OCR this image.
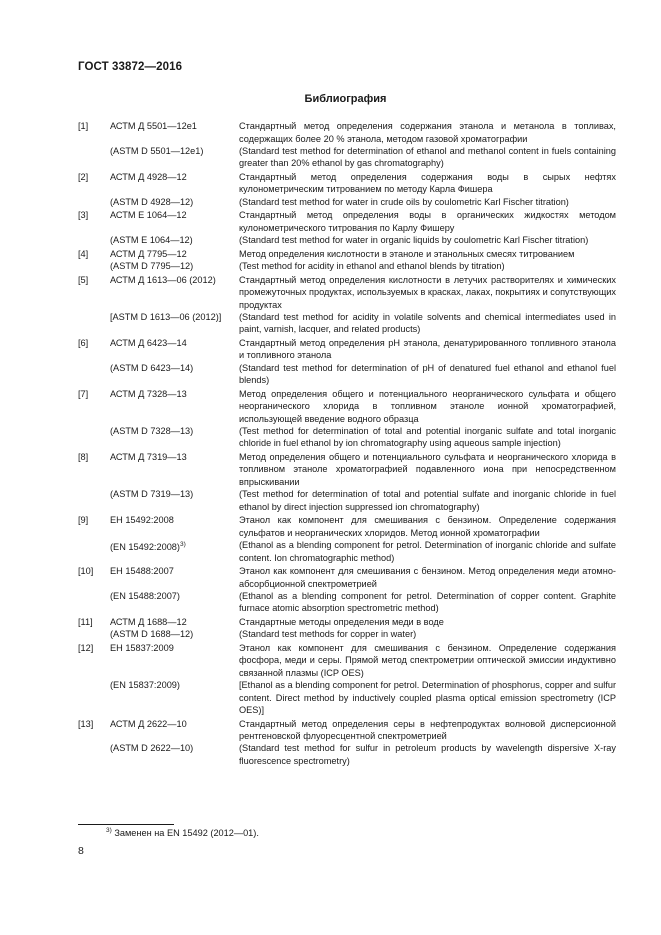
ГОСТ 33872—2016
Библиография
[1]	АСТМ Д 5501—12e1	Стандартный метод определения содержания этанола и метанола в топливах, содержащих более 20 % этанола, методом газовой хроматографии
(ASTM D 5501—12e1)	(Standard test method for determination of ethanol and methanol content in fuels containing greater than 20% ethanol by gas chromatography)
[2]	АСТМ Д 4928—12	Стандартный метод определения содержания воды в сырых нефтях кулонометрическим титрованием по методу Карла Фишера
(ASTM D 4928—12)	(Standard test method for water in crude oils by coulometric Karl Fischer titration)
[3]	АСТМ Е 1064—12	Стандартный метод определения воды в органических жидкостях методом кулонометрического титрования по Карлу Фишеру
(ASTM E 1064—12)	(Standard test method for water in organic liquids by coulometric Karl Fischer titration)
[4]	АСТМ Д 7795—12	Метод определения кислотности в этаноле и этанольных смесях титрованием
(ASTM D 7795—12)	(Test method for acidity in ethanol and ethanol blends by titration)
[5]	АСТМ Д 1613—06 (2012)	Стандартный метод определения кислотности в летучих растворителях и химических промежуточных продуктах, используемых в красках, лаках, покрытиях и сопутствующих продуктах
[ASTM D 1613—06 (2012)]	(Standard test method for acidity in volatile solvents and chemical intermediates used in paint, varnish, lacquer, and related products)
[6]	АСТМ Д 6423—14	Стандартный метод определения pH этанола, денатурированного топливного этанола и топливного этанола
(ASTM D 6423—14)	(Standard test method for determination of pH of denatured fuel ethanol and ethanol fuel blends)
[7]	АСТМ Д 7328—13	Метод определения общего и потенциального неорганического сульфата и общего неорганического хлорида в топливном этаноле ионной хроматографией, использующей введение водного образца
(ASTM D 7328—13)	(Test method for determination of total and potential inorganic sulfate and total inorganic chloride in fuel ethanol by ion chromatography using aqueous sample injection)
[8]	АСТМ Д 7319—13	Метод определения общего и потенциального сульфата и неорганического хлорида в топливном этаноле хроматографией подавленного иона при непосредственном впрыскивании
(ASTM D 7319—13)	(Test method for determination of total and potential sulfate and inorganic chloride in fuel ethanol by direct injection suppressed ion chromatography)
[9]	ЕН 15492:2008	Этанол как компонент для смешивания с бензином. Определение содержания сульфатов и неорганических хлоридов. Метод ионной хроматографии
(EN 15492:2008)$^{3)}$	(Ethanol as a blending component for petrol. Determination of inorganic chloride and sulfate content. Ion chromatographic method)
[10]	ЕН 15488:2007	Этанол как компонент для смешивания с бензином. Метод определения меди атомно-абсорбционной спектрометрией
(EN 15488:2007)	(Ethanol as a blending component for petrol. Determination of copper content. Graphite furnace atomic absorption spectrometric method)
[11]	АСТМ Д 1688—12	Стандартные методы определения меди в воде
(ASTM D 1688—12)	(Standard test methods for copper in water)
[12]	ЕН 15837:2009	Этанол как компонент для смешивания с бензином. Определение содержания фосфора, меди и серы. Прямой метод спектрометрии оптической эмиссии индуктивно связанной плазмы (ICP OES)
(EN 15837:2009)	[Ethanol as a blending component for petrol. Determination of phosphorus, copper and sulfur content. Direct method by inductively coupled plasma optical emission spectrometry (ICP OES)]
[13]	АСТМ Д 2622—10	Стандартный метод определения серы в нефтепродуктах волновой дисперсионной рентгеновской флуоресцентной спектрометрией
(ASTM D 2622—10)	(Standard test method for sulfur in petroleum products by wavelength dispersive X-ray fluorescence spectrometry)
$^{3)}$ Заменен на EN 15492 (2012—01).
8
